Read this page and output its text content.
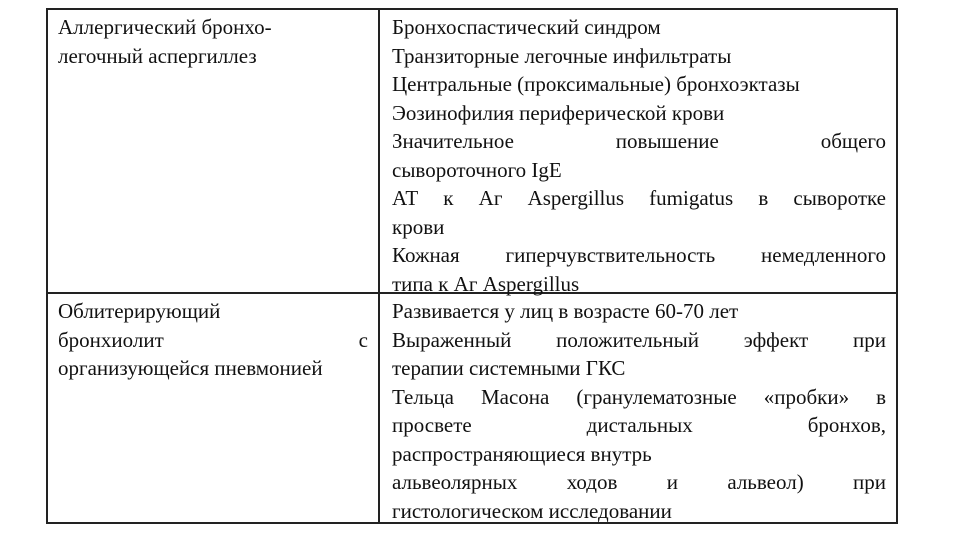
Аллергический бронхо-
легочный аспергиллез
Бронхоспастический синдром
Транзиторные легочные инфильтраты
Центральные (проксимальные) бронхоэктазы
Эозинофилия периферической крови
Значительное повышение общего
сывороточного IgE
АТ к Аг Aspergillus fumigatus в сыворотке
крови
Кожная гиперчувствительность немедленного
типа к Аг Aspergillus
Облитерирующий
бронхиолит с
организующейся пневмонией
Развивается у лиц в возрасте 60-70 лет
Выраженный положительный эффект при
терапии системными ГКС
Тельца Масона (гранулематозные «пробки» в
просвете дистальных бронхов,
распространяющиеся внутрь
альвеолярных ходов и альвеол) при
гистологическом исследовании
